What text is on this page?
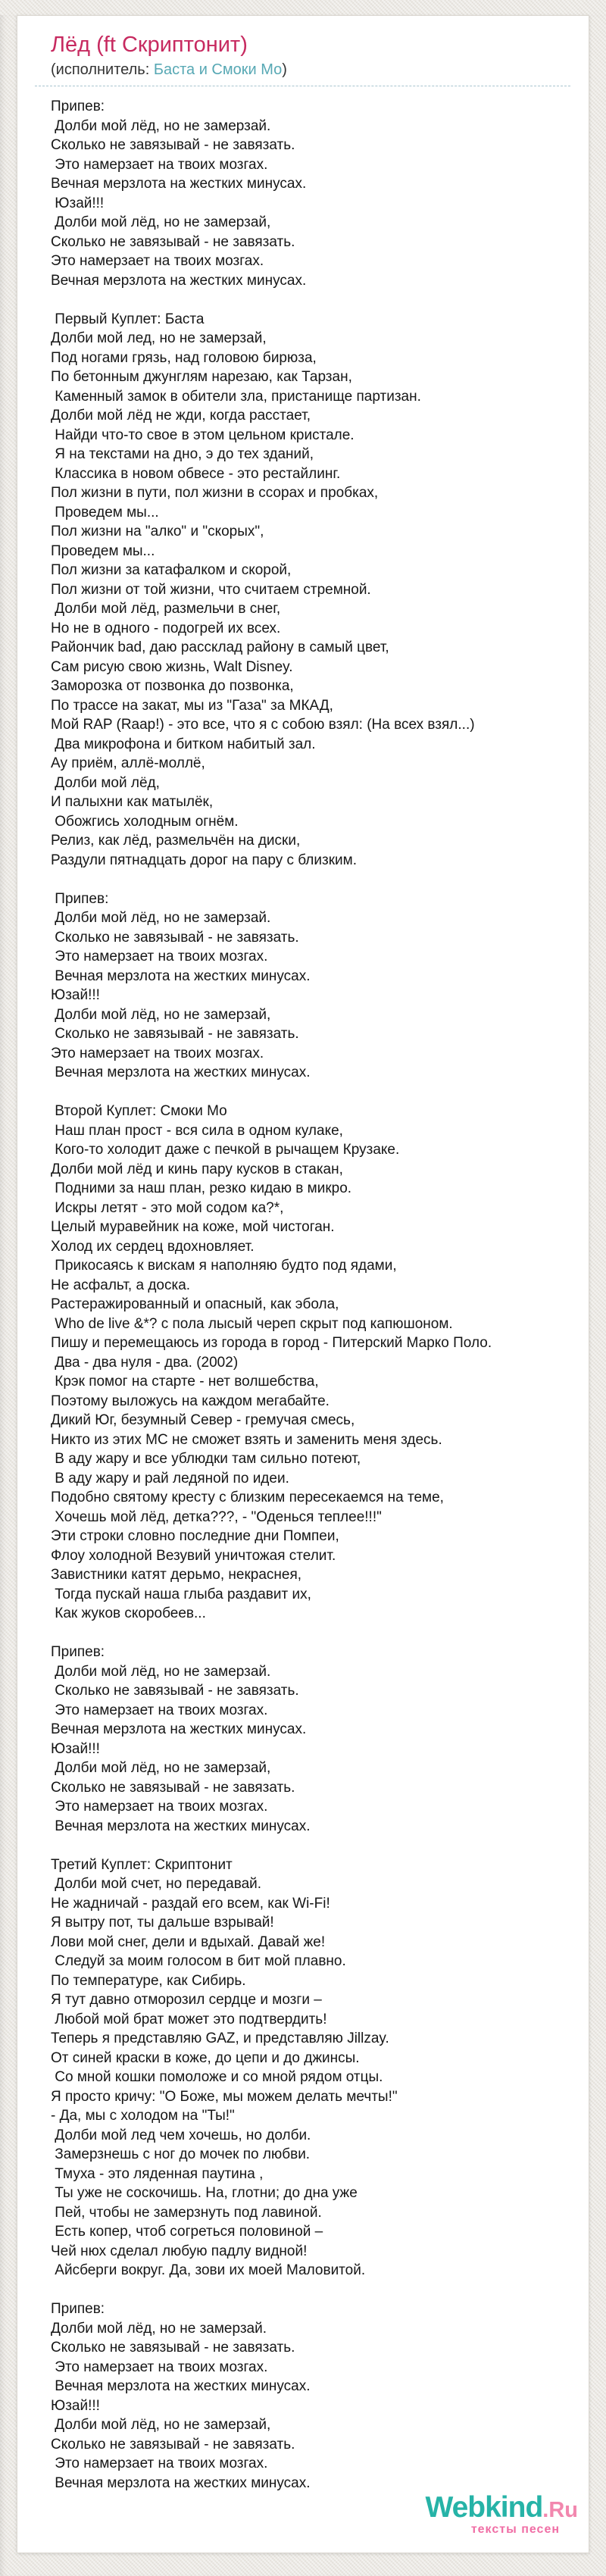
Лёд (ft Скриптонит)
(исполнитель: Баста и Смоки Мо)
Припев:
Долби мой лёд, но не замерзай.
Сколько не завязывай - не завязать.
Это намерзает на твоих мозгах.
Вечная мерзлота на жестких минусах.
Юзай!!!
Долби мой лёд, но не замерзай,
Сколько не завязывай - не завязать.
Это намерзает на твоих мозгах.
Вечная мерзлота на жестких минусах.
Первый Куплет: Баста
Долби мой лед, но не замерзай,
Под ногами грязь, над головою бирюза,
По бетонным джунглям нарезаю, как Тарзан,
Каменный замок в обители зла, пристанище партизан.
Долби мой лёд не жди, когда расстает,
Найди что-то свое в этом цельном кристале.
Я на текстами на дно, э до тех зданий,
Классика в новом обвесе - это рестайлинг.
Пол жизни в пути, пол жизни в ссорах и пробках,
Проведем мы...
Пол жизни на "алко" и "скорых",
Проведем мы...
Пол жизни за катафалком и скорой,
Пол жизни от той жизни, что считаем стремной.
Долби мой лёд, размельчи в снег,
Но не в одного - подогрей их всех.
Райончик bad, даю рассклад району в самый цвет,
Сам рисую свою жизнь, Walt Disney.
Заморозка от позвонка до позвонка,
По трассе на закат, мы из "Газа" за МКАД,
Мой RAP (Raap!) - это все, что я с собою взял: (На всех взял...)
Два микрофона и битком набитый зал.
Ау приём, аллё-моллё,
Долби мой лёд,
И палыхни как матылёк,
Обожгись холодным огнём.
Релиз, как лёд, размельчён на диски,
Раздули пятнадцать дорог на пару с близким.
Припев:
Долби мой лёд, но не замерзай.
Сколько не завязывай - не завязать.
Это намерзает на твоих мозгах.
Вечная мерзлота на жестких минусах.
Юзай!!!
Долби мой лёд, но не замерзай,
Сколько не завязывай - не завязать.
Это намерзает на твоих мозгах.
Вечная мерзлота на жестких минусах.
Второй Куплет: Смоки Мо
Наш план прост - вся сила в одном кулаке,
Кого-то холодит даже с печкой в рычащем Крузаке.
Долби мой лёд и кинь пару кусков в стакан,
Подними за наш план, резко кидаю в микро.
Искры летят - это мой содом ка?*,
Целый муравейник на коже, мой чистоган.
Холод их сердец вдохновляет.
Прикосаясь к вискам я наполняю будто под ядами,
Не асфальт, а доска.
Растеражированный и опасный, как эбола,
Who de live &*? с пола лысый череп скрыт под капюшоном.
Пишу и перемещаюсь из города в город - Питерский Марко Поло.
Два - два нуля - два. (2002)
Крэк помог на старте - нет волшебства,
Поэтому выложусь на каждом мегабайте.
Дикий Юг, безумный Север - гремучая смесь,
Никто из этих МС не сможет взять и заменить меня здесь.
В аду жару и все ублюдки там сильно потеют,
В аду жару и рай ледяной по идеи.
Подобно святому кресту с близким пересекаемся на теме,
Хочешь мой лёд, детка???, - "Оденься теплее!!!"
Эти строки словно последние дни Помпеи,
Флоу холодной Везувий уничтожая стелит.
Завистники катят дерьмо, некраснея,
Тогда пускай наша глыба раздавит их,
Как жуков скоробеев...
Припев:
Долби мой лёд, но не замерзай.
Сколько не завязывай - не завязать.
Это намерзает на твоих мозгах.
Вечная мерзлота на жестких минусах.
Юзай!!!
Долби мой лёд, но не замерзай,
Сколько не завязывай - не завязать.
Это намерзает на твоих мозгах.
Вечная мерзлота на жестких минусах.
Третий Куплет: Скриптонит
Долби мой счет, но передавай.
Не жадничай - раздай его всем, как Wi-Fi!
Я вытру пот, ты дальше взрывай!
Лови мой снег, дели и вдыхай. Давай же!
Следуй за моим голосом в бит мой плавно.
По температуре, как Сибирь.
Я тут давно отморозил сердце и мозги –
Любой мой брат может это подтвердить!
Теперь я представляю GAZ, и представляю Jillzay.
От синей краски в коже, до цепи и до джинсы.
Со мной кошки помоложе и со мной рядом отцы.
Я просто кричу: "О Боже, мы можем делать мечты!"
- Да, мы с холодом на "Ты!"
Долби мой лед чем хочешь, но долби.
Замерзнешь с ног до мочек по любви.
Тмуха - это ляденная паутина ,
Ты уже не соскочишь. На, глотни; до дна уже
Пей, чтобы не замерзнуть под лавиной.
Есть копер, чтоб согреться половиной –
Чей нюх сделал любую падлу видной!
Айсберги вокруг. Да, зови их моей Маловитой.
Припев:
Долби мой лёд, но не замерзай.
Сколько не завязывай - не завязать.
Это намерзает на твоих мозгах.
Вечная мерзлота на жестких минусах.
Юзай!!!
Долби мой лёд, но не замерзай,
Сколько не завязывай - не завязать.
Это намерзает на твоих мозгах.
Вечная мерзлота на жестких минусах.
Webkind.Ru
тексты песен
